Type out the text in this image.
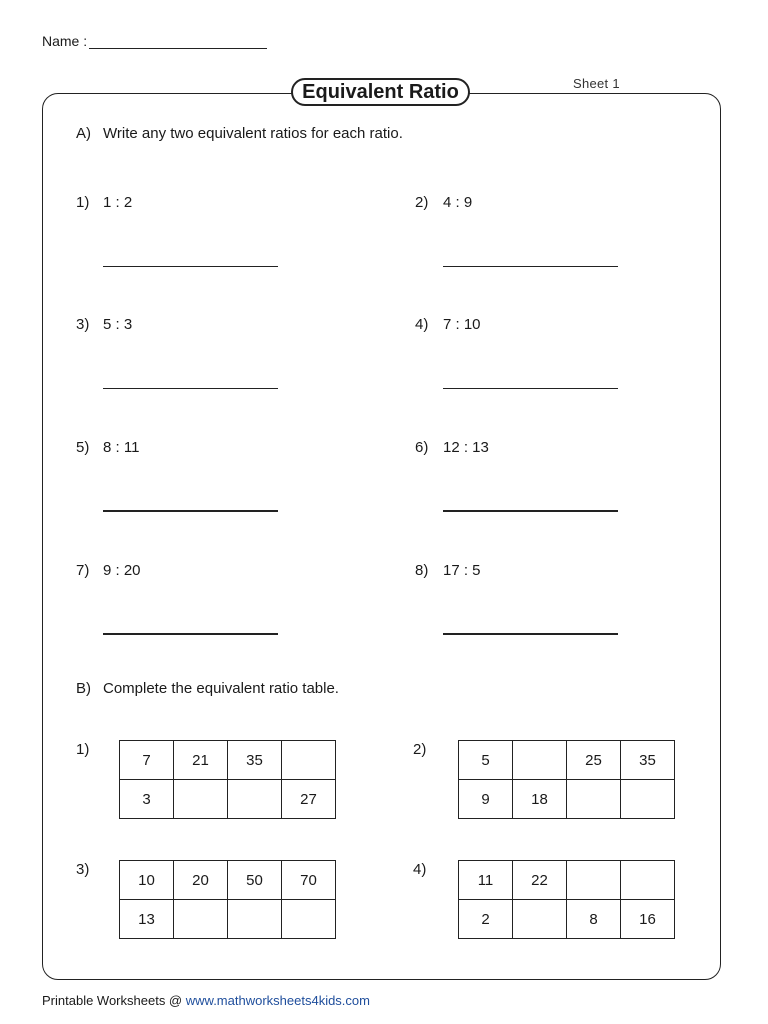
Name :
Equivalent Ratio	Sheet 1
A) Write any two equivalent ratios for each ratio.
1) 1 : 2	2) 4 : 9
3) 5 : 3	4) 7 : 10
5) 8 : 11	6) 12 : 13
7) 9 : 20	8) 17 : 5
B) Complete the equivalent ratio table.
1)
7	21	35	
3			27
2)
5		25	35
9	18		
3)
10	20	50	70
13			
4)
11	22		
2		8	16
Printable Worksheets @ www.mathworksheets4kids.com
